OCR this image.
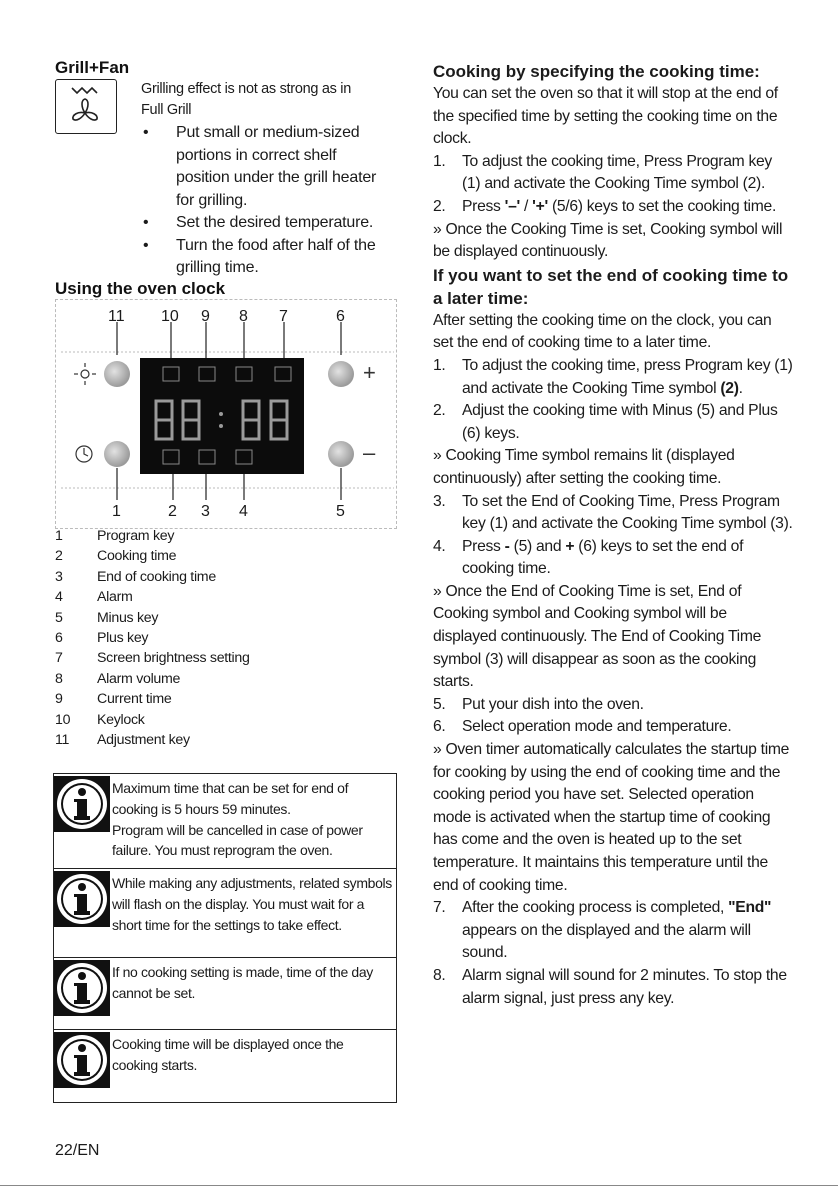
Grill+Fan
Grilling effect is not as strong as in Full Grill
• Put small or medium-sized portions in correct shelf position under the grill heater for grilling.
• Set the desired temperature.
• Turn the food after half of the grilling time.
Using the oven clock
11 10 9 8 7	6
1	2 3 4	5
+
–
1	Program key
2	Cooking time
3	End of cooking time
4	Alarm
5	Minus key
6	Plus key
7	Screen brightness setting
8	Alarm volume
9	Current time
10	Keylock
11	Adjustment key
Maximum time that can be set for end of cooking is 5 hours 59 minutes.
Program will be cancelled in case of power failure. You must reprogram the oven.
While making any adjustments, related symbols will flash on the display. You must wait for a short time for the settings to take effect.
If no cooking setting is made, time of the day cannot be set.
Cooking time will be displayed once the cooking starts.
Cooking by specifying the cooking time:

You can set the oven so that it will stop at the end of the specified time by setting the cooking time on the clock.

1. To adjust the cooking time, Press Program key (1) and activate the Cooking Time symbol (2).
2. Press '–' / '+' (5/6) keys to set the cooking time.

» Once the Cooking Time is set, Cooking symbol will be displayed continuously.

If you want to set the end of cooking time to a later time:

After setting the cooking time on the clock, you can set the end of cooking time to a later time.

1. To adjust the cooking time, press Program key (1) and activate the Cooking Time symbol (2).
2. Adjust the cooking time with Minus (5) and Plus (6) keys.

» Cooking Time symbol remains lit (displayed continuously) after setting the cooking time.

3. To set the End of Cooking Time, Press Program key (1) and activate the Cooking Time symbol (3).
4. Press - (5) and + (6) keys to set the end of cooking time.

» Once the End of Cooking Time is set, End of Cooking symbol and Cooking symbol will be displayed continuously. The End of Cooking Time symbol (3) will disappear as soon as the cooking starts.

5. Put your dish into the oven.
6. Select operation mode and temperature.

» Oven timer automatically calculates the startup time for cooking by using the end of cooking time and the cooking period you have set. Selected operation mode is activated when the startup time of cooking has come and the oven is heated up to the set temperature. It maintains this temperature until the end of cooking time.

7. After the cooking process is completed, "End" appears on the displayed and the alarm will sound.
8. Alarm signal will sound for 2 minutes. To stop the alarm signal, just press any key.
22/EN
